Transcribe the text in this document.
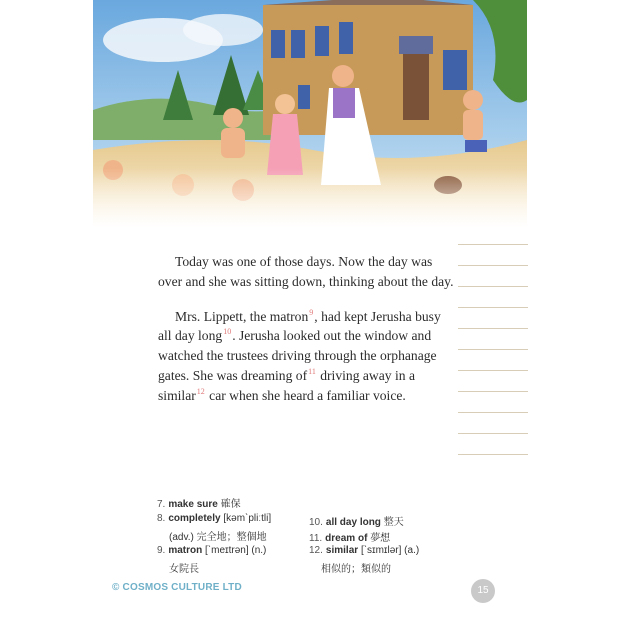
Today was one of those days. Now the day was over and she was sitting down, thinking about the day.

Mrs. Lippett, the matron$^9$, had kept Jerusha busy all day long$^{10}$. Jerusha looked out the window and watched the trustees driving through the orphanage gates. She was dreaming of$^{11}$ driving away in a similar$^{12}$ car when she heard a familiar voice.

7. make sure 確保
8. completely [kəmˋpliːtli]
(adv.) 完全地；整個地
9. matron [ˋmeɪtrən] (n.)
女院長
10. all day long 整天
11. dream of 夢想
12. similar [ˋsɪmɪlər] (a.)
相似的；類似的
© COSMOS CULTURE LTD	15
